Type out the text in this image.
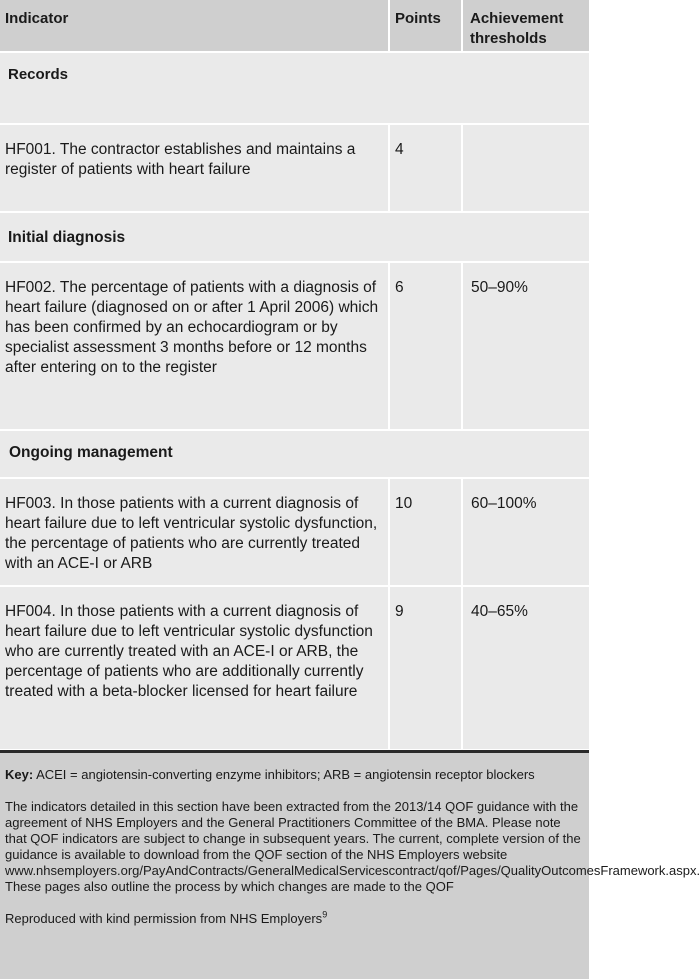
Indicator	Points	Achievement
thresholds
Records		
HF001. The contractor establishes and maintains a register of patients with heart failure	4	
Initial diagnosis		
HF002. The percentage of patients with a diagnosis of heart failure (diagnosed on or after 1 April 2006) which has been confirmed by an echocardiogram or by specialist assessment 3 months before or 12 months after entering on to the register	6	50–90%
Ongoing management		
HF003. In those patients with a current diagnosis of heart failure due to left ventricular systolic dysfunction, the percentage of patients who are currently treated with an ACE-I or ARB	10	60–100%
HF004. In those patients with a current diagnosis of heart failure due to left ventricular systolic dysfunction who are currently treated with an ACE-I or ARB, the percentage of patients who are additionally currently treated with a beta-blocker licensed for heart failure	9	40–65%

Key: ACEI = angiotensin-converting enzyme inhibitors; ARB = angiotensin receptor blockers

The indicators detailed in this section have been extracted from the 2013/14 QOF guidance with the agreement of NHS Employers and the General Practitioners Committee of the BMA. Please note that QOF indicators are subject to change in subsequent years. The current, complete version of the guidance is available to download from the QOF section of the NHS Employers website www.nhsemployers.org/PayAndContracts/GeneralMedicalServicescontract/qof/Pages/QualityOutcomesFramework.aspx. These pages also outline the process by which changes are made to the QOF

Reproduced with kind permission from NHS Employers$^9$
